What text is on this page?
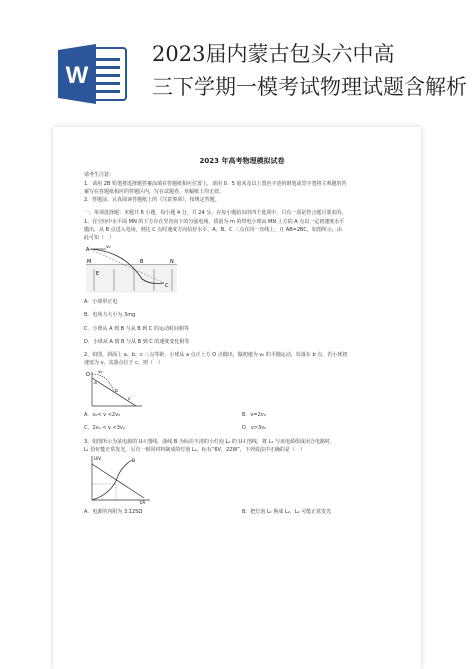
W
2023届内蒙古包头六中高
三下学期一模考试物理试题含解析
2023 年高考物理模拟试卷

请考生注意：

1．请用 2B 铅笔将选择题答案涂填在答题纸相应位置上，请用 0．5 毫米及以上黑色字迹的钢笔或签字笔将主观题的答

案写在答题纸相应的答题区内，写在试题卷、草稿纸上均无效。

2．答题前，认真阅读答题纸上的《注意事项》，按规定答题。

一、单项选择题：本题共 6 小题，每小题 4 分，共 24 分。在每小题给出的四个选项中，只有一项是符合题目要求的。

1、在空间中水平面 MN 的下方存在竖直向下的匀强电场，质量为 m 的带电小球由 MN 上方的 A 点以一定初速度水平

抛出，从 B 点进入电场，到达 C 点时速度方向恰好水平，A、B、C 三点在同一直线上，且 AB=2BC，如图所示，由

此可知（　）

A	v₀
B
C
M	N
E

A．小球带正电

B．电场力大小为 3mg

C．小球从 A 到 B 与从 B 到 C 的运动时间相等

D．小球从 A 到 B 与从 B 到 C 的速度变化相等

2、如图，斜面上 a、b、c 三点等距，小球从 a 点正上方 O 点抛出，做初速为 v₀ 的平抛运动，恰落在 b 点．若小球初

速变为 v，其落点位于 c，则（　）

O v₀
a
b
c
A．v₀< v <2v₀	B．v=2v₀
C．2v₀ < v <3v₀	D．v>3v₀

3、如图所示为某电源的 U-I 图线，曲线 B 为标识不清的小灯泡 L₁ 的 U-I 图线，将 L₁ 与该电源组成闭合电路时，

L₁ 恰好能正常发光．另有一相同材料制成的灯泡 L₂，标有“6V，22W”，下列说法中正确的是（　）

U/V
I/A
B
A．电源的内阻为 3.125Ω	B．把灯泡 L₁ 换成 L₂，L₂ 可能正常发光
